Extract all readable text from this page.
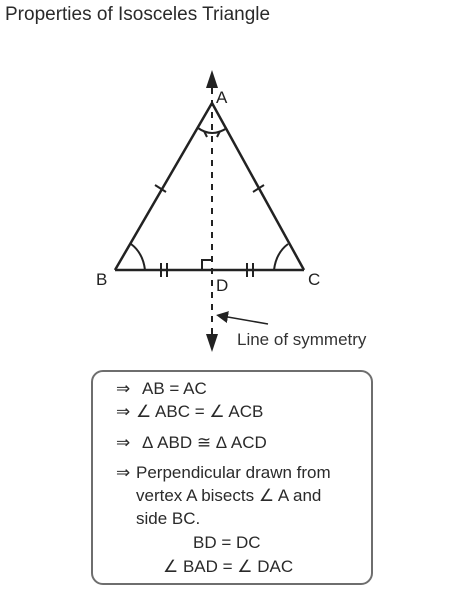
Properties of Isosceles Triangle
A
B	C
D
Line of symmetry
⇒ AB = AC
⇒ ∠ ABC = ∠ ACB
⇒ Δ ABD ≅ Δ ACD
⇒ Perpendicular drawn from
vertex A bisects ∠ A and
side BC.
BD = DC
∠ BAD = ∠ DAC
